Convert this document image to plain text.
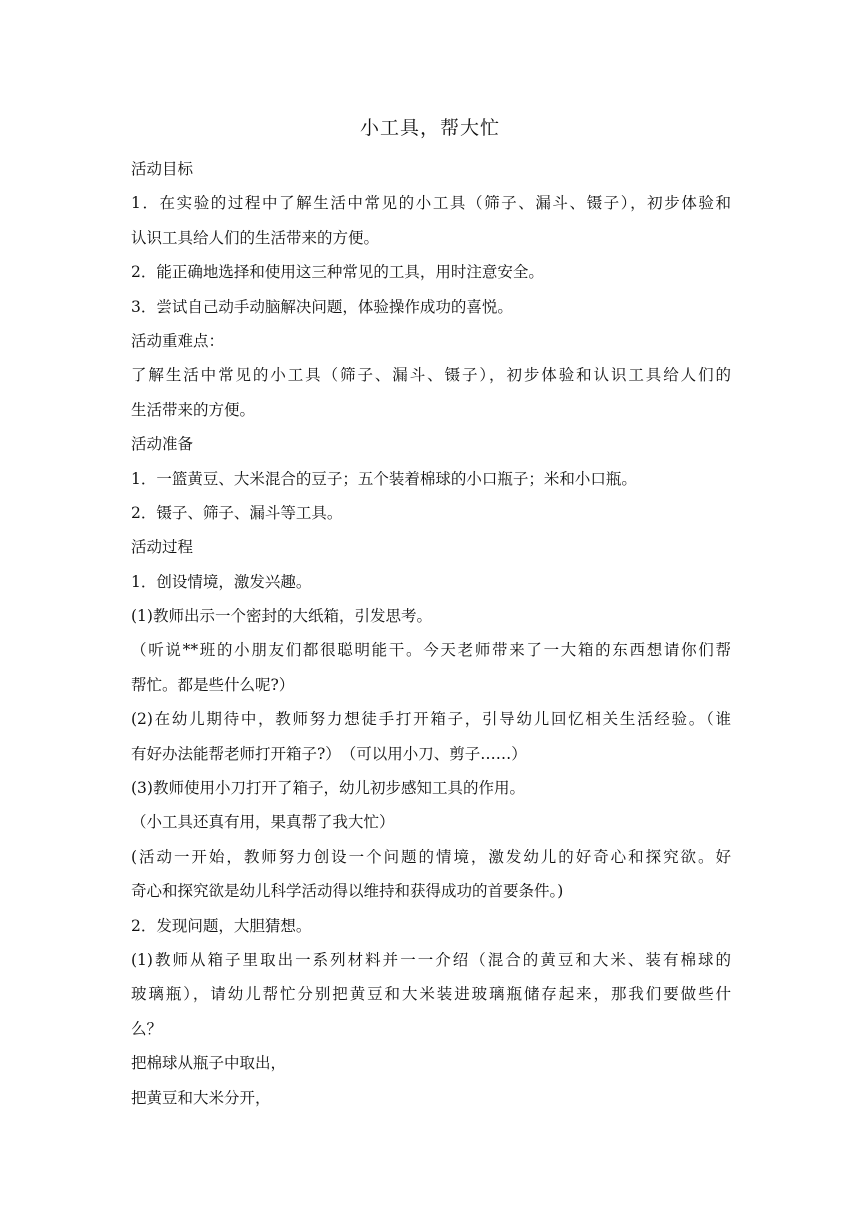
小工具，帮大忙
活动目标
1．在实验的过程中了解生活中常见的小工具（筛子、漏斗、镊子），初步体验和
认识工具给人们的生活带来的方便。
2．能正确地选择和使用这三种常见的工具，用时注意安全。
3．尝试自己动手动脑解决问题，体验操作成功的喜悦。
活动重难点：
了解生活中常见的小工具（筛子、漏斗、镊子），初步体验和认识工具给人们的
生活带来的方便。
活动准备
1．一篮黄豆、大米混合的豆子；五个装着棉球的小口瓶子；米和小口瓶。
2．镊子、筛子、漏斗等工具。
活动过程
1．创设情境，激发兴趣。
(1)教师出示一个密封的大纸箱，引发思考。
（听说**班的小朋友们都很聪明能干。今天老师带来了一大箱的东西想请你们帮
帮忙。都是些什么呢?）
(2)在幼儿期待中，教师努力想徒手打开箱子，引导幼儿回忆相关生活经验。（谁
有好办法能帮老师打开箱子?）　（可以用小刀、剪子……）
(3)教师使用小刀打开了箱子，幼儿初步感知工具的作用。
（小工具还真有用，果真帮了我大忙）
(活动一开始，教师努力创设一个问题的情境，激发幼儿的好奇心和探究欲。好
奇心和探究欲是幼儿科学活动得以维持和获得成功的首要条件。)
2．发现问题，大胆猜想。
(1)教师从箱子里取出一系列材料并一一介绍（混合的黄豆和大米、装有棉球的
玻璃瓶），请幼儿帮忙分别把黄豆和大米装进玻璃瓶储存起来，那我们要做些什
么？
把棉球从瓶子中取出，
把黄豆和大米分开，
